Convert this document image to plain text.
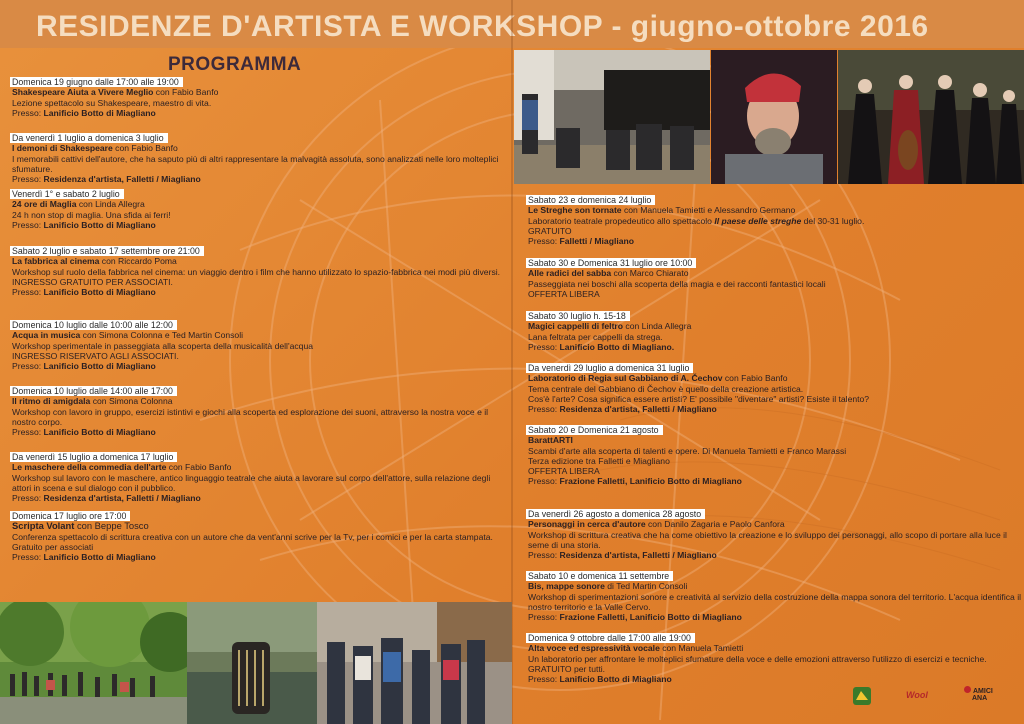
RESIDENZE D'ARTISTA E WORKSHOP - giugno-ottobre 2016
PROGRAMMA
Domenica 19 giugno dalle 17:00 alle 19:00
Shakespeare Aiuta a Vivere Meglio con Fabio Banfo
Lezione spettacolo su Shakespeare, maestro di vita.
Presso: Lanificio Botto di Miagliano
Da venerdì 1 luglio a domenica 3 luglio
I demoni di Shakespeare con Fabio Banfo
I memorabili cattivi dell'autore, che ha saputo più di altri rappresentare la malvagità assoluta, sono analizzati nelle loro molteplici sfumature.
Presso: Residenza d'artista, Falletti / Miagliano
Venerdì 1° e sabato 2 luglio
24 ore di Maglia con Linda Allegra
24 h non stop di maglia. Una sfida ai ferri!
Presso: Lanificio Botto di Miagliano
Sabato 2 luglio e sabato 17 settembre ore 21:00
La fabbrica al cinema con Riccardo Poma
Workshop sul ruolo della fabbrica nel cinema: un viaggio dentro i film che hanno utilizzato lo spazio-fabbrica nei modi più diversi.
INGRESSO GRATUITO PER ASSOCIATI.
Presso: Lanificio Botto di Miagliano
Domenica 10 luglio dalle 10:00 alle 12:00
Acqua in musica con Simona Colonna e Ted Martin Consoli
Workshop sperimentale in passeggiata alla scoperta della musicalità dell'acqua
INGRESSO RISERVATO AGLI ASSOCIATI.
Presso: Lanificio Botto di Miagliano
Domenica 10 luglio dalle 14:00 alle 17:00
Il ritmo di amigdala con Simona Colonna
Workshop con lavoro in gruppo, esercizi istintivi e giochi alla scoperta ed esplorazione dei suoni, attraverso la nostra voce e il nostro corpo.
Presso: Lanificio Botto di Miagliano
Da venerdì 15 luglio a domenica 17 luglio
Le maschere della commedia dell'arte con Fabio Banfo
Workshop sul lavoro con le maschere, antico linguaggio teatrale che aiuta a lavorare sul corpo dell'attore, sulla relazione degli attori in scena e sul dialogo con il pubblico.
Presso: Residenza d'artista, Falletti / Miagliano
Domenica 17 luglio ore 17:00
Scripta Volant con Beppe Tosco
Conferenza spettacolo di scrittura creativa con un autore che da vent'anni scrive per la Tv, per i comici e per la carta stampata. Gratuito per associati
Presso: Lanificio Botto di Miagliano
Sabato 23 e domenica 24 luglio
Le Streghe son tornate con Manuela Tamietti e Alessandro Germano
Laboratorio teatrale propedeutico allo spettacolo Il paese delle streghe del 30-31 luglio.
GRATUITO
Presso: Falletti / Miagliano
Sabato 30 e Domenica 31 luglio ore 10:00
Alle radici del sabba con Marco Chiarato
Passeggiata nei boschi alla scoperta della magia e dei racconti fantastici locali
OFFERTA LIBERA
Sabato 30 luglio h. 15-18
Magici cappelli di feltro con Linda Allegra
Lana feltrata per cappelli da strega.
Presso: Lanificio Botto di Miagliano.
Da venerdì 29 luglio a domenica 31 luglio
Laboratorio di Regia sul Gabbiano di A. Čechov con Fabio Banfo
Tema centrale del Gabbiano di Čechov è quello della creazione artistica.
Cos'è l'arte? Cosa significa essere artisti? E' possibile "diventare" artisti? Esiste il talento?
Presso: Residenza d'artista, Falletti / Miagliano
Sabato 20 e Domenica 21 agosto
BarattARTI
Scambi d'arte alla scoperta di talenti e opere. Di Manuela Tamietti e Franco Marassi
Terza edizione tra Falletti e Miagliano
OFFERTA LIBERA
Presso: Frazione Falletti, Lanificio Botto di Miagliano
Da venerdì 26 agosto a domenica 28 agosto
Personaggi in cerca d'autore con Danilo Zagaria e Paolo Canfora
Workshop di scrittura creativa che ha come obiettivo la creazione e lo sviluppo dei personaggi, allo scopo di portare alla luce il seme di una storia.
Presso: Residenza d'artista, Falletti / Miagliano
Sabato 10 e domenica 11 settembre
Bis, mappe sonore di Ted Martin Consoli
Workshop di sperimentazioni sonore e creatività al servizio della costruzione della mappa sonora del territorio. L'acqua identifica il nostro territorio e la Valle Cervo.
Presso: Frazione Falletti, Lanificio Botto di Miagliano
Domenica 9 ottobre dalle 17:00 alle 19:00
Alta voce ed espressività vocale con Manuela Tamietti
Un laboratorio per affrontare le molteplici sfumature della voce e delle emozioni attraverso l'utilizzo di esercizi e tecniche.
GRATUITO per tutti.
Presso: Lanificio Botto di Miagliano
Wool	AMICI
ANA
